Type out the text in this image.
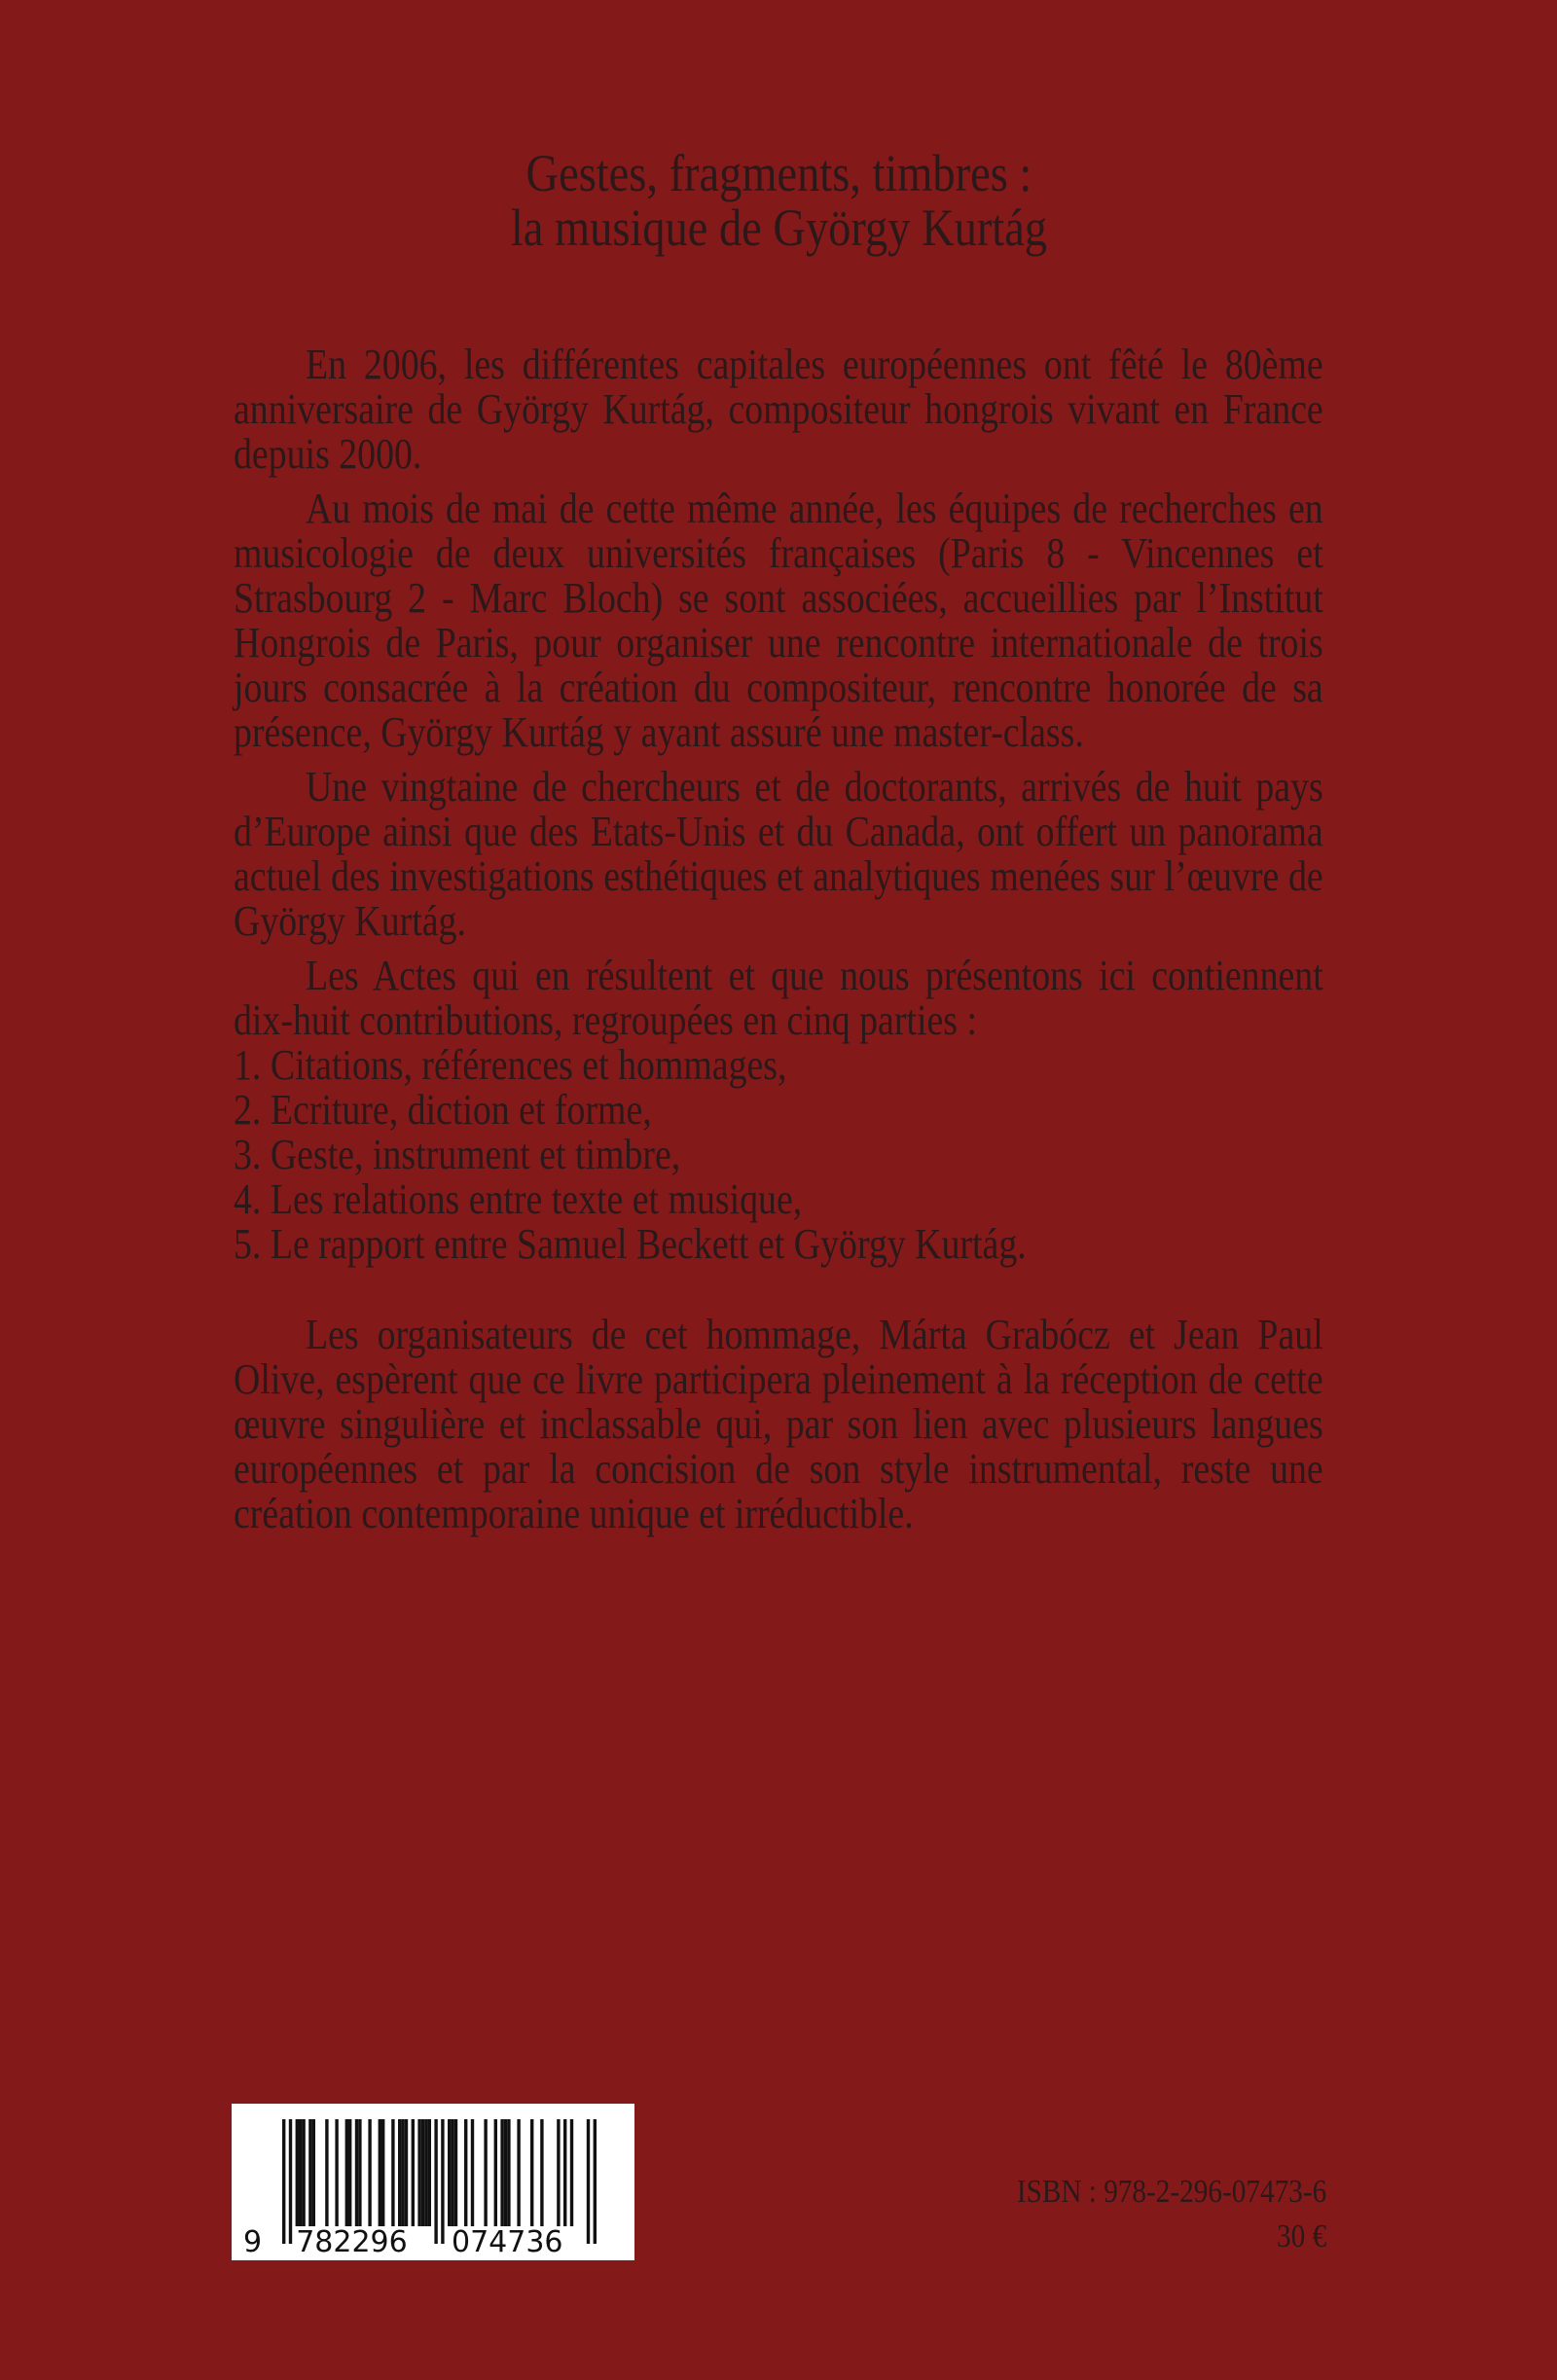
Gestes, fragments, timbres :
la musique de György Kurtág

En 2006, les différentes capitales européennes ont fêté le 80ème anniversaire de György Kurtág, compositeur hongrois vivant en France depuis 2000.

Au mois de mai de cette même année, les équipes de recherches en musicologie de deux universités françaises (Paris 8 - Vincennes et Strasbourg 2 - Marc Bloch) se sont associées, accueillies par l’Institut Hongrois de Paris, pour organiser une rencontre internationale de trois jours consacrée à la création du compositeur, rencontre honorée de sa présence, György Kurtág y ayant assuré une master-class.

Une vingtaine de chercheurs et de doctorants, arrivés de huit pays d’Europe ainsi que des Etats-Unis et du Canada, ont offert un panorama actuel des investigations esthétiques et analytiques menées sur l’œuvre de György Kurtág.

Les Actes qui en résultent et que nous présentons ici contiennent dix-huit contributions, regroupées en cinq parties :

1. Citations, références et hommages,

2. Ecriture, diction et forme,

3. Geste, instrument et timbre,

4. Les relations entre texte et musique,

5. Le rapport entre Samuel Beckett et György Kurtág.

Les organisateurs de cet hommage, Márta Grabócz et Jean Paul Olive, espèrent que ce livre participera pleinement à la réception de cette œuvre singulière et inclassable qui, par son lien avec plusieurs langues européennes et par la concision de son style instrumental, reste une création contemporaine unique et irréductible.

9 782296 074736
ISBN : 978-2-296-07473-6
30 €
